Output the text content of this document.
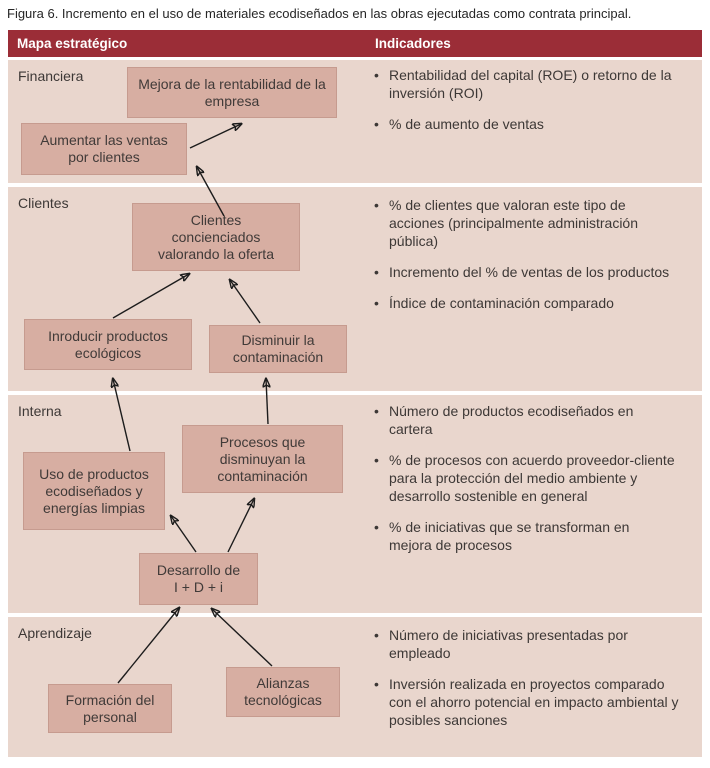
Figura 6. Incremento en el uso de materiales ecodiseñados en las obras ejecutadas como contrata principal.
Mapa estratégico	Indicadores
Financiera
Clientes
Interna
Aprendizaje
Mejora de la rentabilidad de la empresa
Aumentar las ventas por clientes
Clientes concienciados valorando la oferta
Inroducir productos ecológicos
Disminuir la contaminación
Uso de productos ecodiseñados y energías limpias
Procesos que disminuyan la contaminación
Desarrollo de I + D + i
Formación del personal
Alianzas tecnológicas
•
Rentabilidad del capital (ROE) o retorno de la inversión (ROI)
•
% de aumento de ventas
•
% de clientes que valoran este tipo de acciones (principalmente administración pública)
•
Incremento del % de ventas de los productos
•
Índice de contaminación comparado
•
Número de productos ecodiseñados en cartera
•
% de procesos con acuerdo proveedor-cliente para la protección del medio ambiente y desarrollo sostenible en general
•
% de iniciativas que se transforman en mejora de procesos
•
Número de iniciativas presentadas por empleado
•
Inversión realizada en proyectos comparado con el ahorro potencial en impacto ambiental y posibles sanciones
